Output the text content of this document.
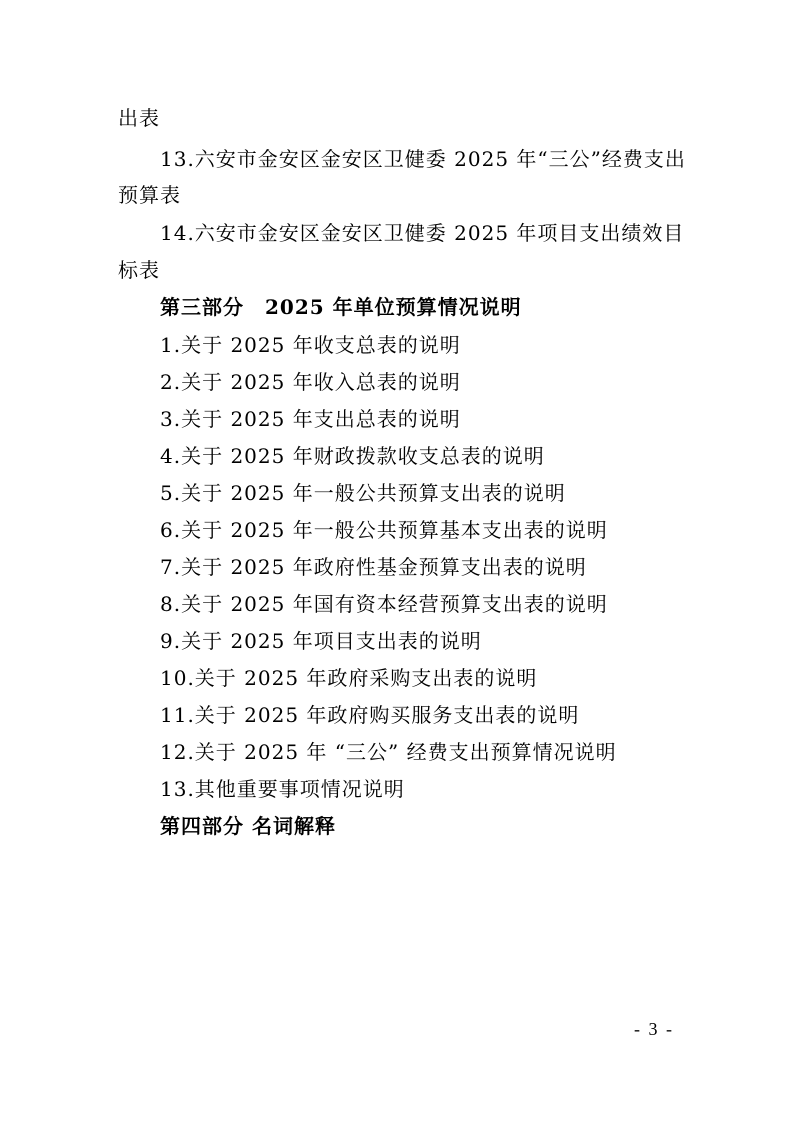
出表
13.六安市金安区金安区卫健委 2025 年“三公”经费支出
预算表
14.六安市金安区金安区卫健委 2025 年项目支出绩效目
标表
第三部分　2025 年单位预算情况说明
1.关于 2025 年收支总表的说明
2.关于 2025 年收入总表的说明
3.关于 2025 年支出总表的说明
4.关于 2025 年财政拨款收支总表的说明
5.关于 2025 年一般公共预算支出表的说明
6.关于 2025 年一般公共预算基本支出表的说明
7.关于 2025 年政府性基金预算支出表的说明
8.关于 2025 年国有资本经营预算支出表的说明
9.关于 2025 年项目支出表的说明
10.关于 2025 年政府采购支出表的说明
11.关于 2025 年政府购买服务支出表的说明
12.关于 2025 年 “三公” 经费支出预算情况说明
13.其他重要事项情况说明
第四部分 名词解释
- 3 -
